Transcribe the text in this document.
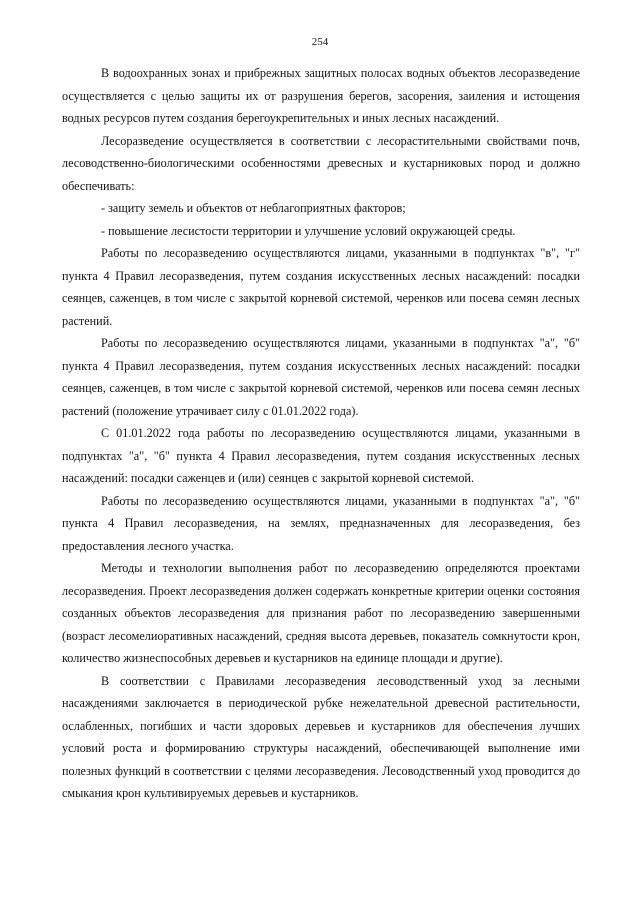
254

В водоохранных зонах и прибрежных защитных полосах водных объектов лесоразведение осуществляется с целью защиты их от разрушения берегов, засорения, заиления и истощения водных ресурсов путем создания берегоукрепительных и иных лесных насаждений.

Лесоразведение осуществляется в соответствии с лесорастительными свойствами почв, лесоводственно-биологическими особенностями древесных и кустарниковых пород и должно обеспечивать:

- защиту земель и объектов от неблагоприятных факторов;

- повышение лесистости территории и улучшение условий окружающей среды.

Работы по лесоразведению осуществляются лицами, указанными в подпунктах "в", "г" пункта 4 Правил лесоразведения, путем создания искусственных лесных насаждений: посадки сеянцев, саженцев, в том числе с закрытой корневой системой, черенков или посева семян лесных растений.

Работы по лесоразведению осуществляются лицами, указанными в подпунктах "а", "б" пункта 4 Правил лесоразведения, путем создания искусственных лесных насаждений: посадки сеянцев, саженцев, в том числе с закрытой корневой системой, черенков или посева семян лесных растений (положение утрачивает силу с 01.01.2022 года).

С 01.01.2022 года работы по лесоразведению осуществляются лицами, указанными в подпунктах "а", "б" пункта 4 Правил лесоразведения, путем создания искусственных лесных насаждений: посадки саженцев и (или) сеянцев с закрытой корневой системой.

Работы по лесоразведению осуществляются лицами, указанными в подпунктах "а", "б" пункта 4 Правил лесоразведения, на землях, предназначенных для лесоразведения, без предоставления лесного участка.

Методы и технологии выполнения работ по лесоразведению определяются проектами лесоразведения. Проект лесоразведения должен содержать конкретные критерии оценки состояния созданных объектов лесоразведения для признания работ по лесоразведению завершенными (возраст лесомелиоративных насаждений, средняя высота деревьев, показатель сомкнутости крон, количество жизнеспособных деревьев и кустарников на единице площади и другие).

В соответствии с Правилами лесоразведения лесоводственный уход за лесными насаждениями заключается в периодической рубке нежелательной древесной растительности, ослабленных, погибших и части здоровых деревьев и кустарников для обеспечения лучших условий роста и формированию структуры насаждений, обеспечивающей выполнение ими полезных функций в соответствии с целями лесоразведения. Лесоводственный уход проводится до смыкания крон культивируемых деревьев и кустарников.
